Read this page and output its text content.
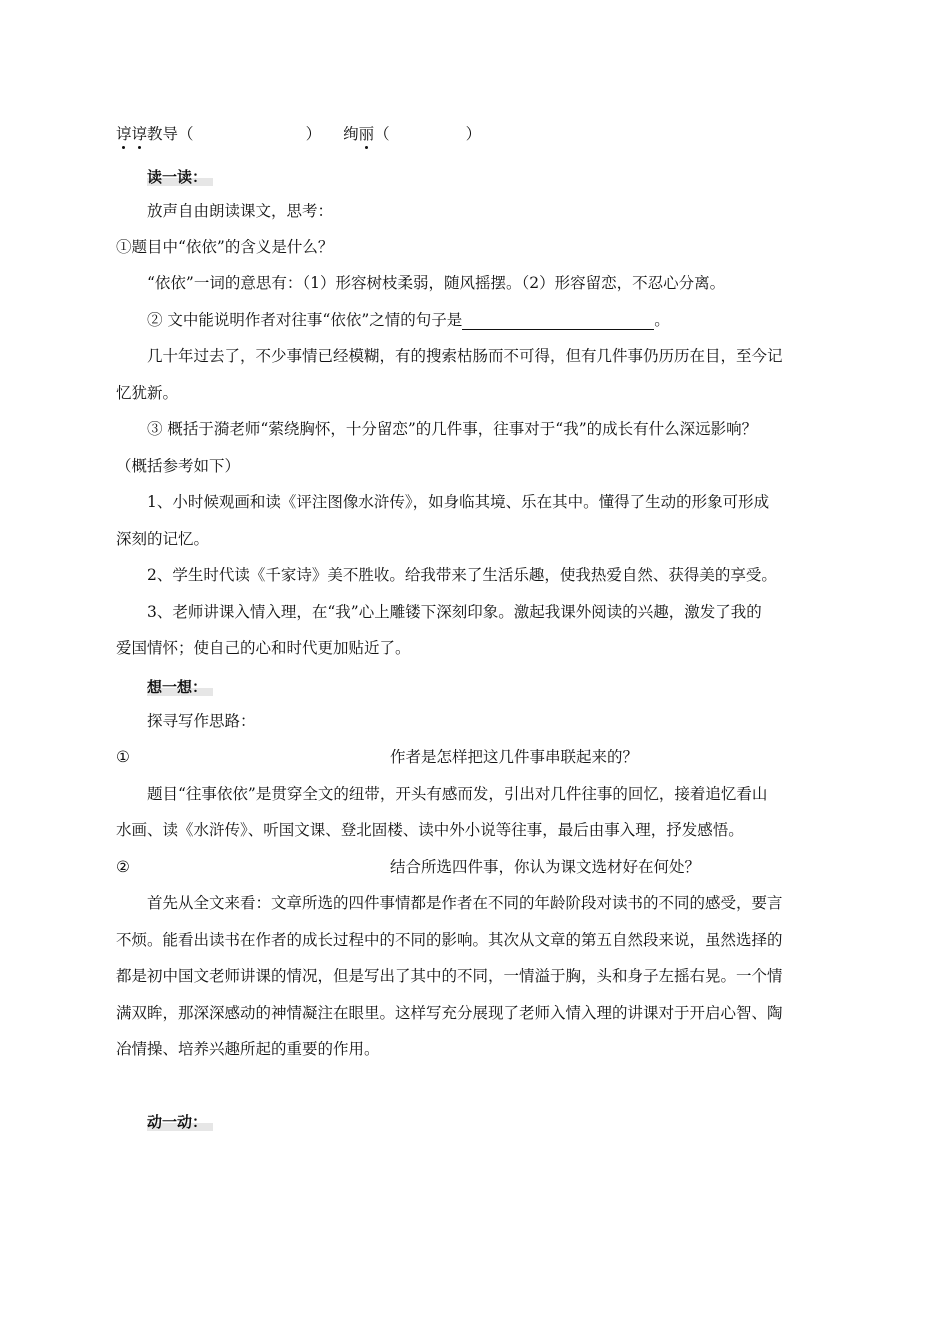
谆谆教导（	） 绚丽（	）
读一读：
放声自由朗读课文，思考：
①题目中“依依”的含义是什么？
“依依”一词的意思有：（1）形容树枝柔弱，随风摇摆。（2）形容留恋，不忍心分离。
② 文中能说明作者对往事“依依”之情的句子是	。
几十年过去了，不少事情已经模糊，有的搜索枯肠而不可得，但有几件事仍历历在目，至今记
忆犹新。
③ 概括于漪老师“萦绕胸怀，十分留恋”的几件事，往事对于“我”的成长有什么深远影响？
（概括参考如下）
1、小时候观画和读《评注图像水浒传》，如身临其境、乐在其中。懂得了生动的形象可形成
深刻的记忆。
2、学生时代读《千家诗》美不胜收。给我带来了生活乐趣，使我热爱自然、获得美的享受。
3、老师讲课入情入理，在“我”心上雕镂下深刻印象。激起我课外阅读的兴趣，激发了我的
爱国情怀；使自己的心和时代更加贴近了。
想一想：
探寻写作思路：
①	作者是怎样把这几件事串联起来的？
题目“往事依依”是贯穿全文的纽带，开头有感而发，引出对几件往事的回忆，接着追忆看山
水画、读《水浒传》、听国文课、登北固楼、读中外小说等往事，最后由事入理，抒发感悟。
②	结合所选四件事，你认为课文选材好在何处？
首先从全文来看：文章所选的四件事情都是作者在不同的年龄阶段对读书的不同的感受，要言
不烦。能看出读书在作者的成长过程中的不同的影响。其次从文章的第五自然段来说，虽然选择的
都是初中国文老师讲课的情况，但是写出了其中的不同，一情溢于胸，头和身子左摇右晃。一个情
满双眸，那深深感动的神情凝注在眼里。这样写充分展现了老师入情入理的讲课对于开启心智、陶
冶情操、培养兴趣所起的重要的作用。
动一动：
